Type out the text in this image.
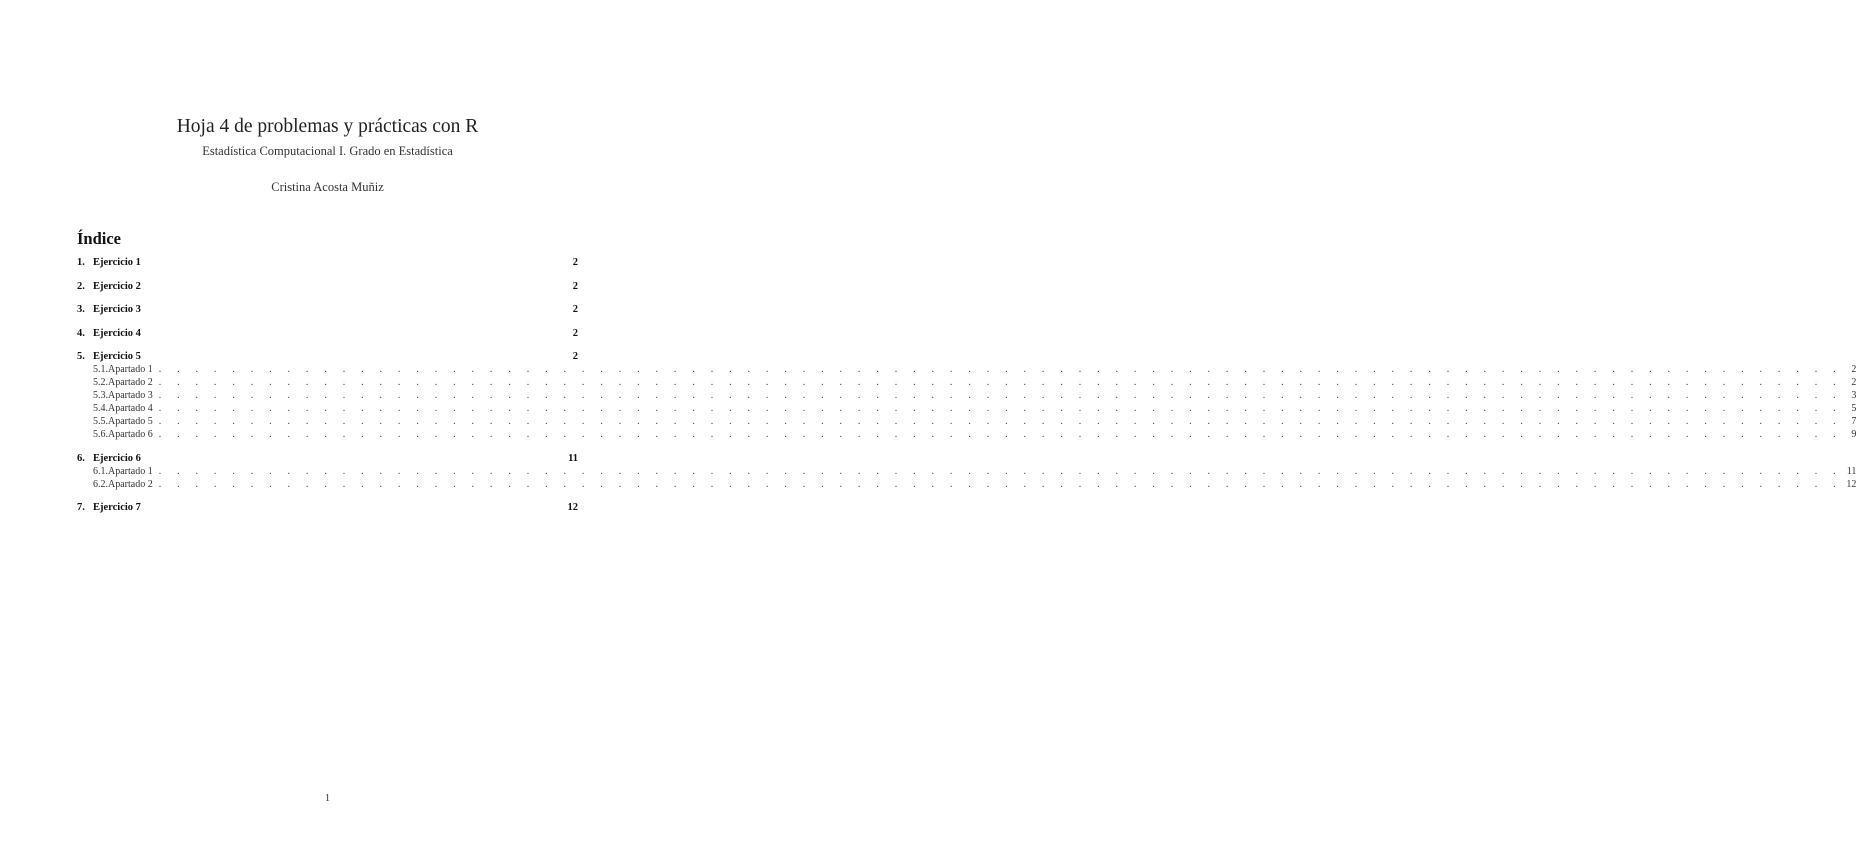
Hoja 4 de problemas y prácticas con R
Estadística Computacional I. Grado en Estadística
Cristina Acosta Muñiz
Índice
1. Ejercicio 1	2
2. Ejercicio 2	2
3. Ejercicio 3	2
4. Ejercicio 4	2
5. Ejercicio 5	2
5.1. Apartado 1 . . . . . . . . . . . . . . . . . . . . . . . . . . . . . . . . . . . . . . . . . . . . . . . . . . . . . . . . . . . . . . . . . . . . . . . . . . . . . . . . . . . . . . . . . . . . 2
5.2. Apartado 2 . . . . . . . . . . . . . . . . . . . . . . . . . . . . . . . . . . . . . . . . . . . . . . . . . . . . . . . . . . . . . . . . . . . . . . . . . . . . . . . . . . . . . . . . . . . . 2
5.3. Apartado 3 . . . . . . . . . . . . . . . . . . . . . . . . . . . . . . . . . . . . . . . . . . . . . . . . . . . . . . . . . . . . . . . . . . . . . . . . . . . . . . . . . . . . . . . . . . . . 3
5.4. Apartado 4 . . . . . . . . . . . . . . . . . . . . . . . . . . . . . . . . . . . . . . . . . . . . . . . . . . . . . . . . . . . . . . . . . . . . . . . . . . . . . . . . . . . . . . . . . . . . 5
5.5. Apartado 5 . . . . . . . . . . . . . . . . . . . . . . . . . . . . . . . . . . . . . . . . . . . . . . . . . . . . . . . . . . . . . . . . . . . . . . . . . . . . . . . . . . . . . . . . . . . . 7
5.6. Apartado 6 . . . . . . . . . . . . . . . . . . . . . . . . . . . . . . . . . . . . . . . . . . . . . . . . . . . . . . . . . . . . . . . . . . . . . . . . . . . . . . . . . . . . . . . . . . . . 9
6. Ejercicio 6	11
6.1. Apartado 1 . . . . . . . . . . . . . . . . . . . . . . . . . . . . . . . . . . . . . . . . . . . . . . . . . . . . . . . . . . . . . . . . . . . . . . . . . . . . . . . . . . . . . . . . . . . . 11
6.2. Apartado 2 . . . . . . . . . . . . . . . . . . . . . . . . . . . . . . . . . . . . . . . . . . . . . . . . . . . . . . . . . . . . . . . . . . . . . . . . . . . . . . . . . . . . . . . . . . . . 12
7. Ejercicio 7	12
1
